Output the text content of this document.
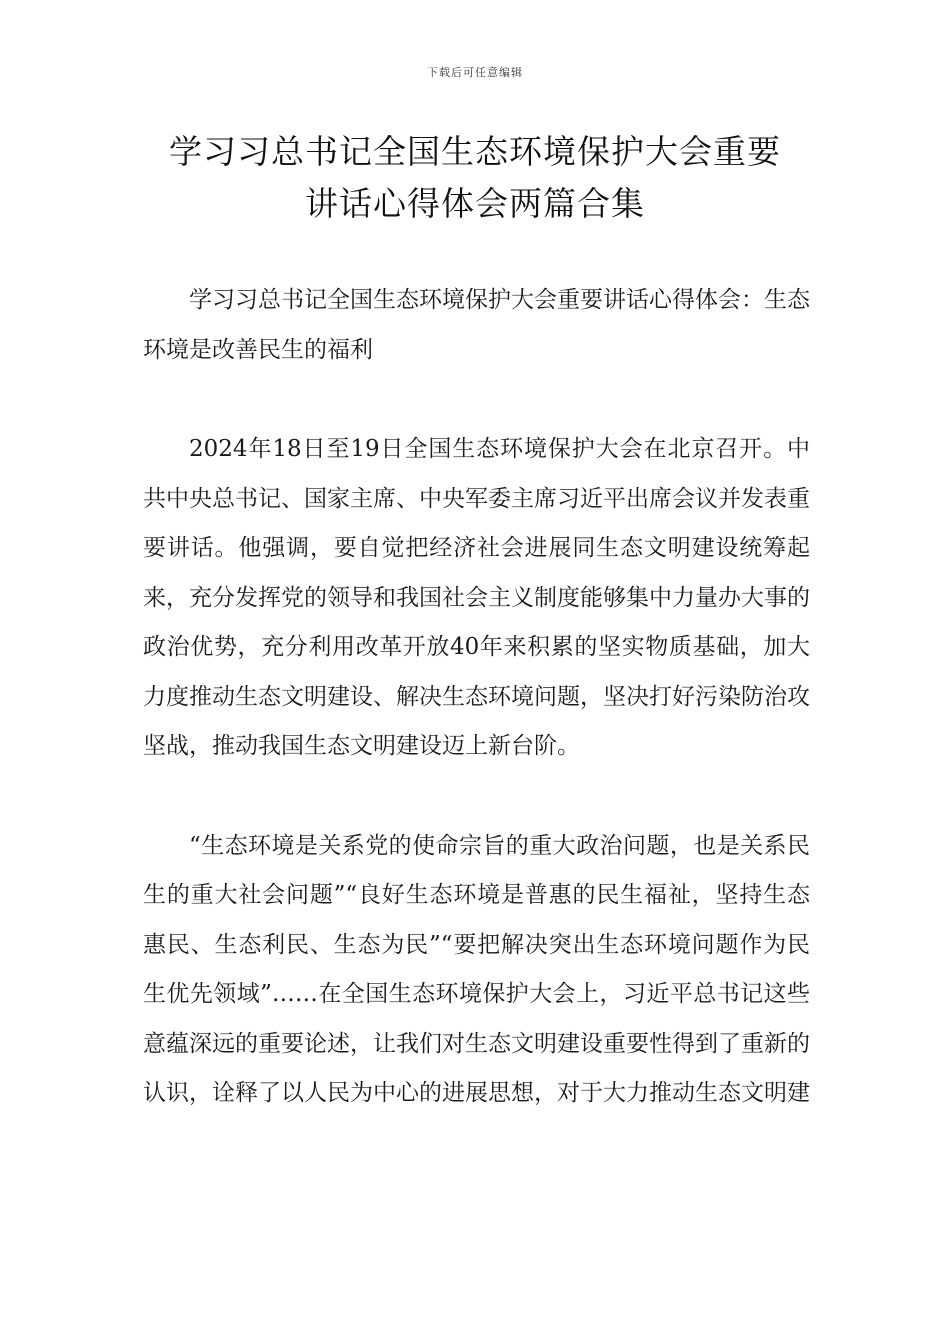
下载后可任意编辑
学习习总书记全国生态环境保护大会重要
讲话心得体会两篇合集

学习习总书记全国生态环境保护大会重要讲话心得体会：生态环境是改善民生的福利

2024年18日至19日全国生态环境保护大会在北京召开。中共中央总书记、国家主席、中央军委主席习近平出席会议并发表重要讲话。他强调，要自觉把经济社会进展同生态文明建设统筹起来，充分发挥党的领导和我国社会主义制度能够集中力量办大事的政治优势，充分利用改革开放40年来积累的坚实物质基础，加大力度推动生态文明建设、解决生态环境问题，坚决打好污染防治攻坚战，推动我国生态文明建设迈上新台阶。

“生态环境是关系党的使命宗旨的重大政治问题，也是关系民生的重大社会问题”“良好生态环境是普惠的民生福祉，坚持生态惠民、生态利民、生态为民”“要把解决突出生态环境问题作为民生优先领域”……在全国生态环境保护大会上，习近平总书记这些意蕴深远的重要论述，让我们对生态文明建设重要性得到了重新的认识，诠释了以人民为中心的进展思想，对于大力推动生态文明建
